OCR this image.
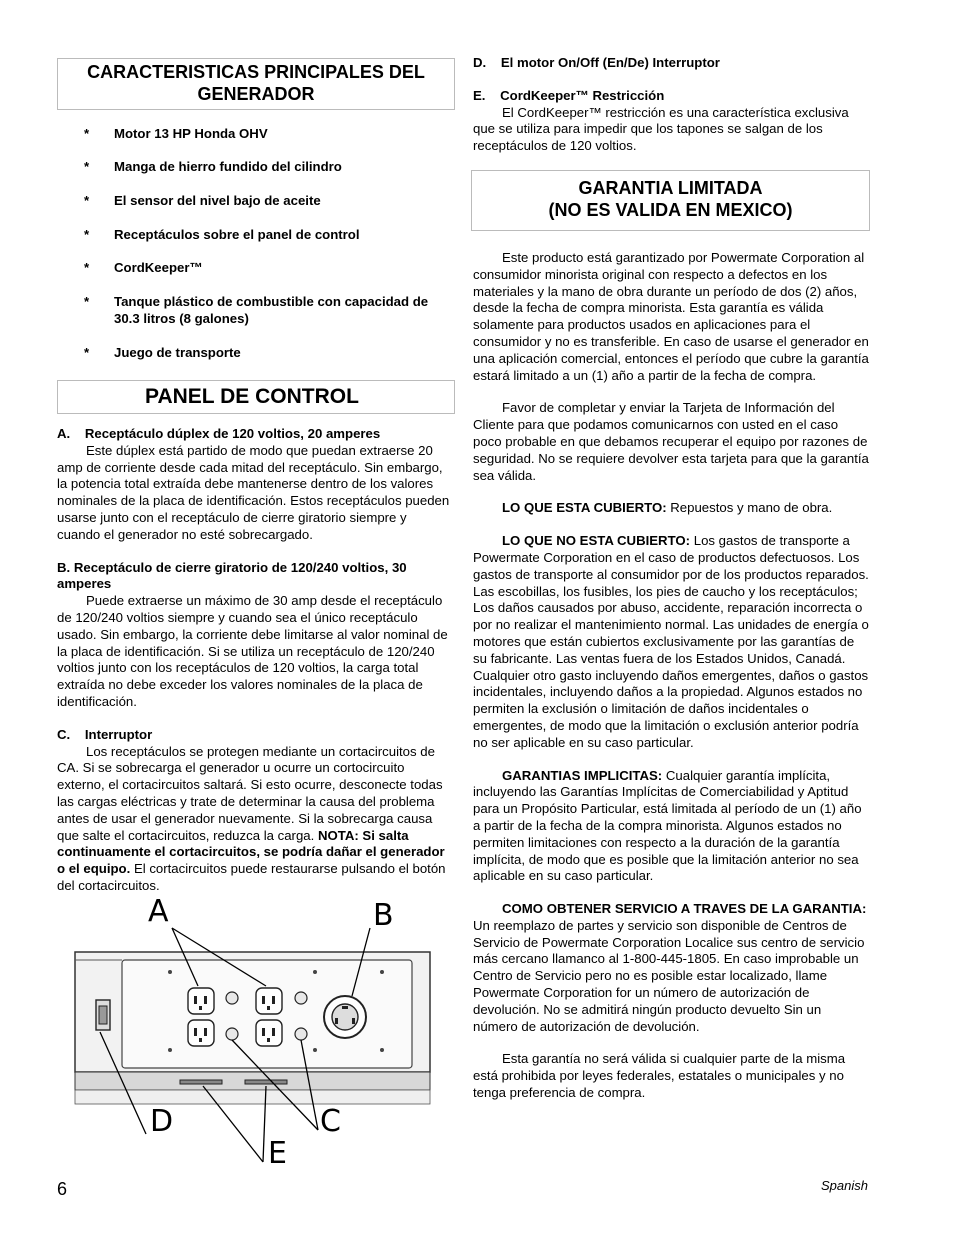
CARACTERISTICAS PRINCIPALES DEL
GENERADOR
* Motor 13 HP Honda OHV
* Manga de hierro fundido del cilindro
* El sensor del nivel bajo de aceite
* Receptáculos sobre el panel de control
* CordKeeper™
* Tanque plástico de combustible con capacidad de 30.3 litros (8 galones)
* Juego de transporte
PANEL DE CONTROL

A.    Receptáculo dúplex de 120 voltios, 20 amperes

Este dúplex está partido de modo que puedan extraerse 20 amp de corriente desde cada mitad del receptáculo. Sin embargo, la potencia total extraída debe mantenerse dentro de los valores nominales de la placa de identificación. Estos receptáculos pueden usarse junto con el receptáculo de cierre giratorio siempre y cuando el generador no esté sobrecargado.

B. Receptáculo de cierre giratorio de 120/240 voltios, 30 amperes

Puede extraerse un máximo de 30 amp desde el receptáculo de 120/240 voltios siempre y cuando sea el único receptáculo usado. Sin embargo, la corriente debe limitarse al valor nominal de la placa de identificación. Si se utiliza un receptáculo de 120/240 voltios junto con los receptáculos de 120 voltios, la carga total extraída no debe exceder los valores nominales de la placa de identificación.

C.    Interruptor

Los receptáculos se protegen mediante un cortacircuitos de CA. Si se sobrecarga el generador u ocurre un cortocircuito externo, el cortacircuitos saltará. Si esto ocurre, desconecte todas las cargas eléctricas y trate de determinar la causa del problema antes de usar el generador nuevamente. Si la sobrecarga causa que salte el cortacircuitos, reduzca la carga. NOTA: Si salta continuamente el cortacircuitos, se podría dañar el generador o el equipo. El cortacircuitos puede restaurarse pulsando el botón del cortacircuitos.

A	B
D	C
E
6

D.    El motor On/Off (En/De) Interruptor

E.    CordKeeper™ Restricción

El CordKeeper™ restricción es una característica exclusiva que se utiliza para impedir que los tapones se salgan de los receptáculos de 120 voltios.

GARANTIA LIMITADA
(NO ES VALIDA EN MEXICO)

Este producto está garantizado por Powermate Corporation al consumidor minorista original con respecto a defectos en los materiales y la mano de obra durante un período de dos (2) años, desde la fecha de compra minorista. Esta garantía es válida solamente para productos usados en aplicaciones para el consumidor y no es transferible. En caso de usarse el generador en una aplicación comercial, entonces el período que cubre la garantía estará limitado a un (1) año a partir de la fecha de compra.

Favor de completar y enviar la Tarjeta de Información del Cliente para que podamos comunicarnos con usted en el caso poco probable en que debamos recuperar el equipo por razones de seguridad. No se requiere devolver esta tarjeta para que la garantía sea válida.

LO QUE ESTA CUBIERTO: Repuestos y mano de obra.

LO QUE NO ESTA CUBIERTO: Los gastos de transporte a Powermate Corporation en el caso de productos defectuosos. Los gastos de transporte al consumidor por de los productos reparados. Las escobillas, los fusibles, los pies de caucho y los receptáculos; Los daños causados por abuso, accidente, reparación incorrecta o por no realizar el mantenimiento normal. Las unidades de energía o motores que están cubiertos exclusivamente por las garantías de su fabricante. Las ventas fuera de los Estados Unidos, Canadá. Cualquier otro gasto incluyendo daños emergentes, daños o gastos incidentales, incluyendo daños a la propiedad. Algunos estados no permiten la exclusión o limitación de daños incidentales o emergentes, de modo que la limitación o exclusión anterior podría no ser aplicable en su caso particular.

GARANTIAS IMPLICITAS: Cualquier garantía implícita, incluyendo las Garantías Implícitas de Comerciabilidad y Aptitud para un Propósito Particular, está limitada al período de un (1) año a partir de la fecha de la compra minorista. Algunos estados no permiten limitaciones con respecto a la duración de la garantía implícita, de modo que es posible que la limitación anterior no sea aplicable en su caso particular.

COMO OBTENER SERVICIO A TRAVES DE LA GARANTIA: Un reemplazo de partes y servicio son disponible de Centros de Servicio de Powermate Corporation Localice sus centro de servicio más cercano llamanco al 1-800-445-1805. En caso improbable un Centro de Servicio pero no es posible estar localizado, llame Powermate Corporation for un número de autorización de devolución. No se admitirá ningún producto devuelto Sin un número de autorización de devolución.

Esta garantía no será válida si cualquier parte de la misma está prohibida por leyes federales, estatales o municipales y no tenga preferencia de compra.

Spanish
